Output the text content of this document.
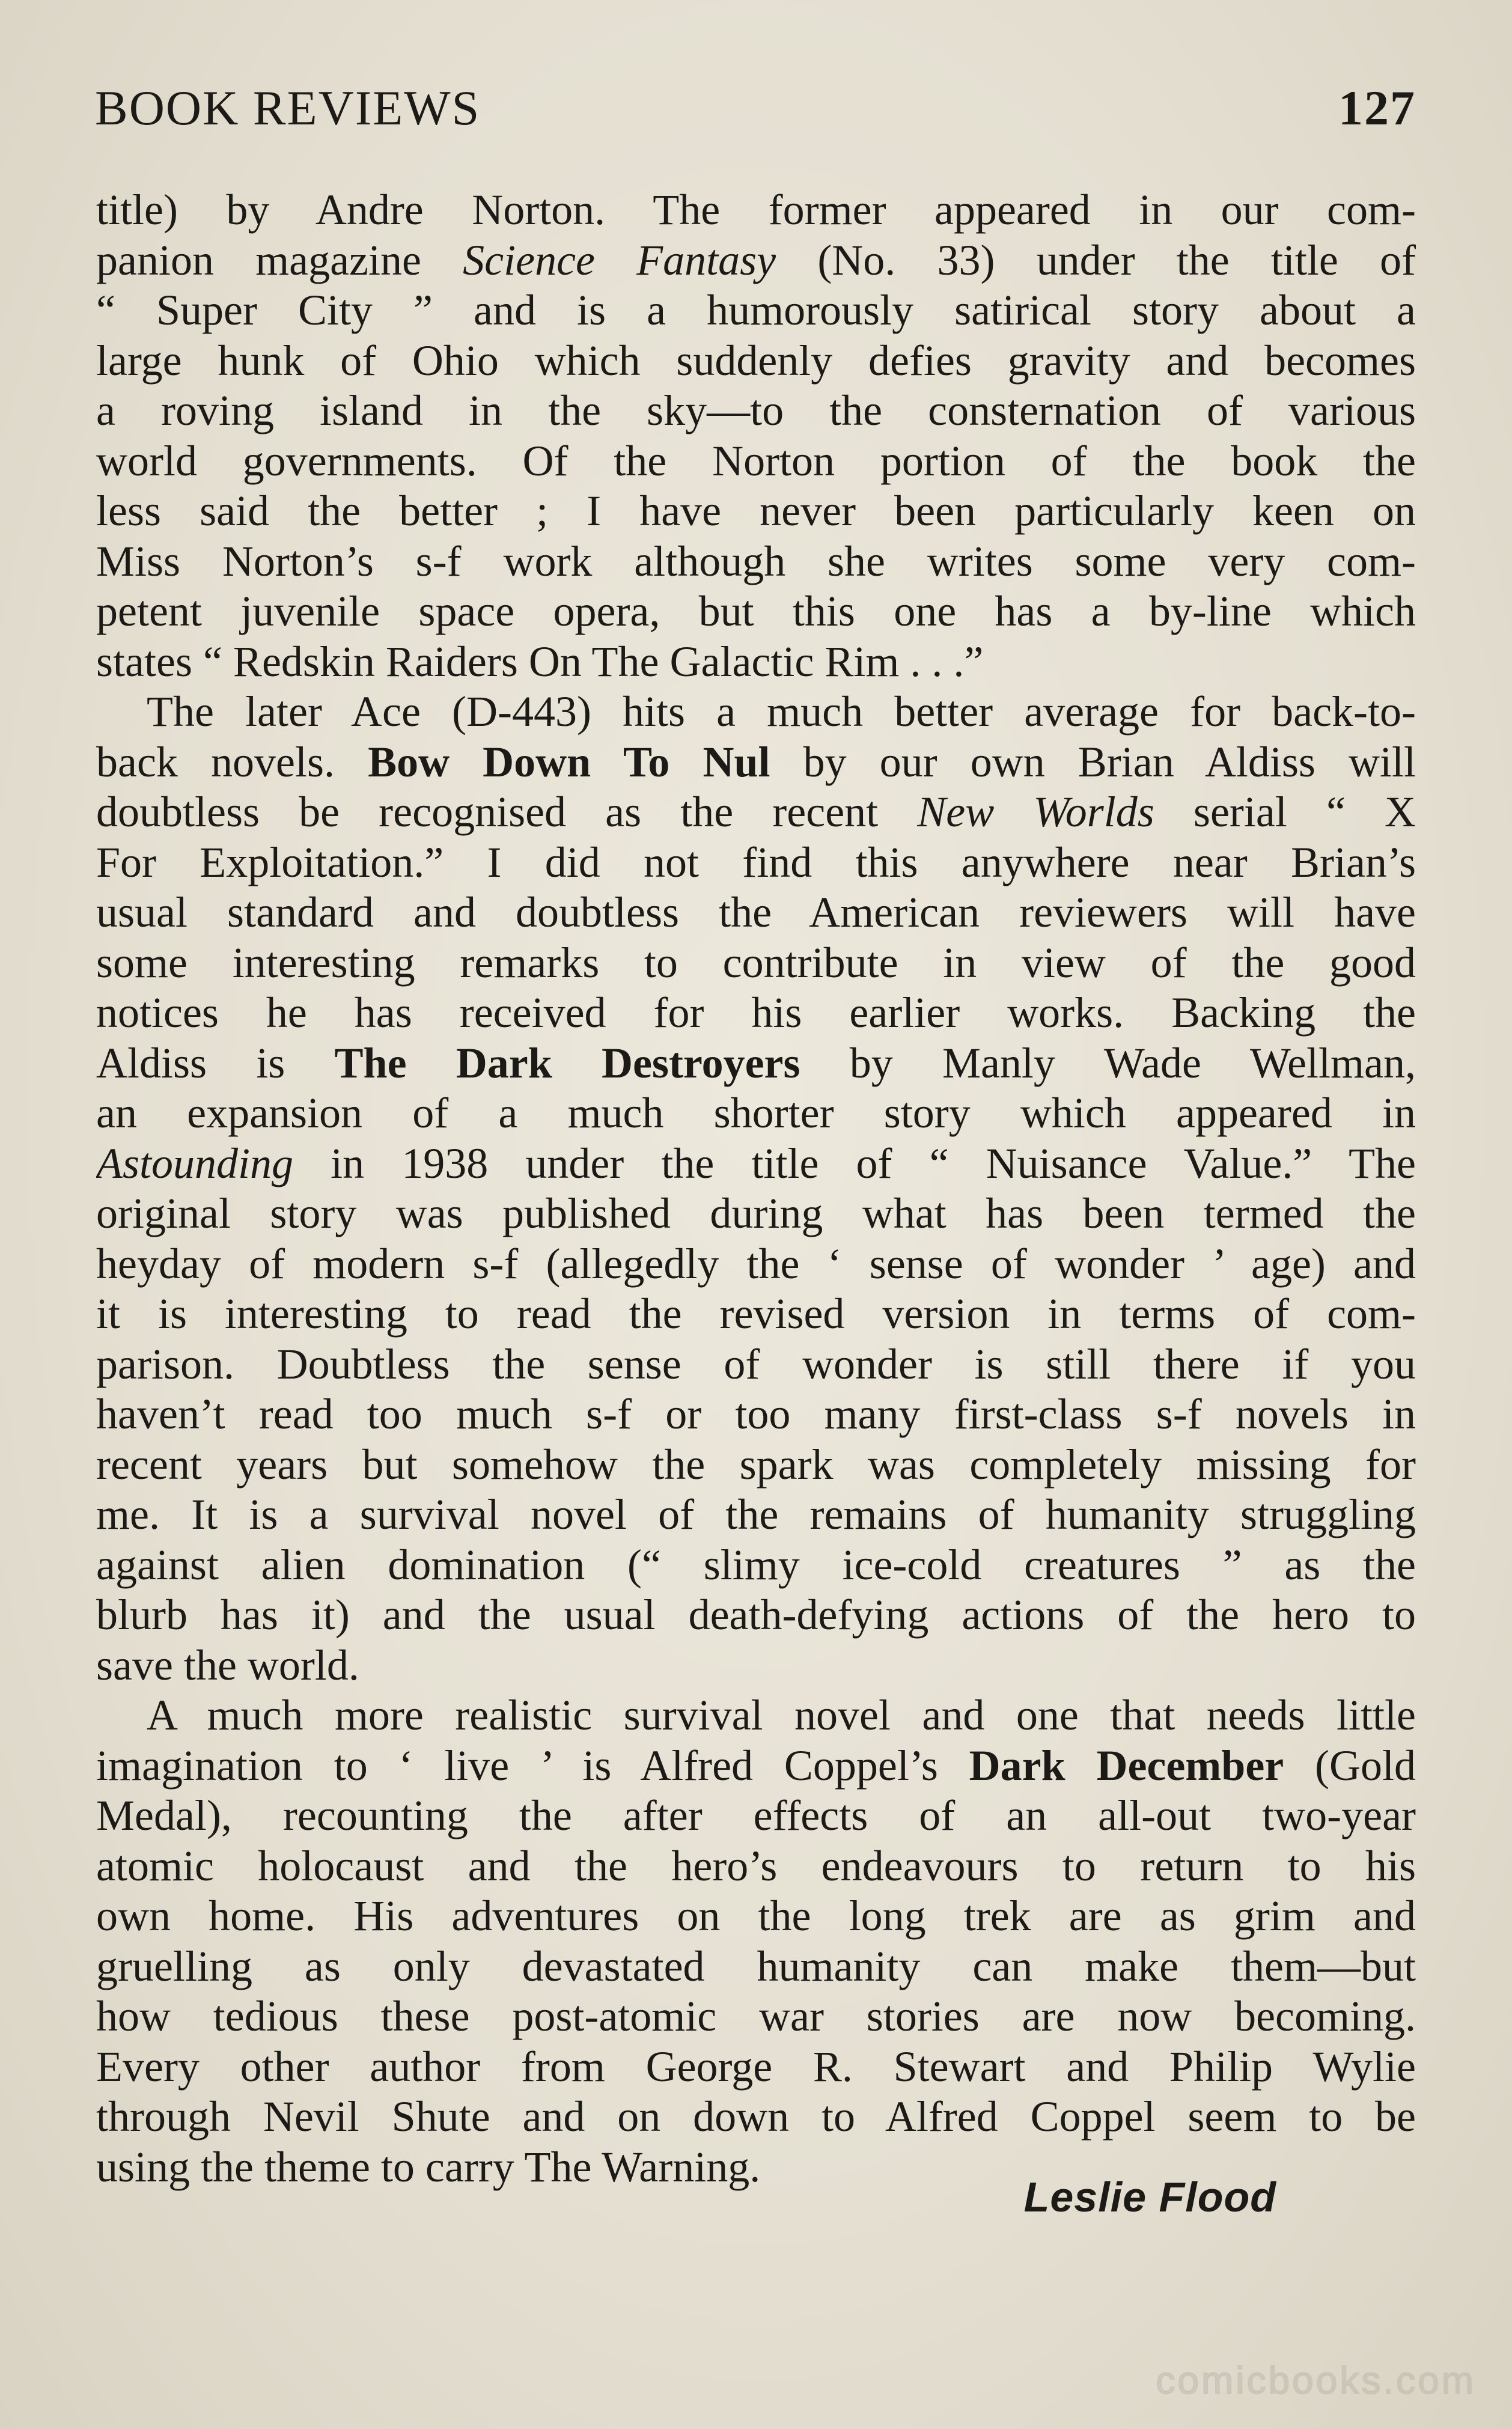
BOOK REVIEWS	127
title) by Andre Norton. The former appeared in our com-
panion magazine Science Fantasy (No. 33) under the title of
“ Super City ” and is a humorously satirical story about a
large hunk of Ohio which suddenly defies gravity and becomes
a roving island in the sky—to the consternation of various
world governments. Of the Norton portion of the book the
less said the better ; I have never been particularly keen on
Miss Norton’s s-f work although she writes some very com-
petent juvenile space opera, but this one has a by-line which
states “ Redskin Raiders On The Galactic Rim . . .”
The later Ace (D-443) hits a much better average for back-to-
back novels. Bow Down To Nul by our own Brian Aldiss will
doubtless be recognised as the recent New Worlds serial “ X
For Exploitation.” I did not find this anywhere near Brian’s
usual standard and doubtless the American reviewers will have
some interesting remarks to contribute in view of the good
notices he has received for his earlier works. Backing the
Aldiss is The Dark Destroyers by Manly Wade Wellman,
an expansion of a much shorter story which appeared in
Astounding in 1938 under the title of “ Nuisance Value.” The
original story was published during what has been termed the
heyday of modern s-f (allegedly the ‘ sense of wonder ’ age) and
it is interesting to read the revised version in terms of com-
parison. Doubtless the sense of wonder is still there if you
haven’t read too much s-f or too many first-class s-f novels in
recent years but somehow the spark was completely missing for
me. It is a survival novel of the remains of humanity struggling
against alien domination (“ slimy ice-cold creatures ” as the
blurb has it) and the usual death-defying actions of the hero to
save the world.
A much more realistic survival novel and one that needs little
imagination to ‘ live ’ is Alfred Coppel’s Dark December (Gold
Medal), recounting the after effects of an all-out two-year
atomic holocaust and the hero’s endeavours to return to his
own home. His adventures on the long trek are as grim and
gruelling as only devastated humanity can make them—but
how tedious these post-atomic war stories are now becoming.
Every other author from George R. Stewart and Philip Wylie
through Nevil Shute and on down to Alfred Coppel seem to be
using the theme to carry The Warning.
Leslie Flood
comicbooks.com
